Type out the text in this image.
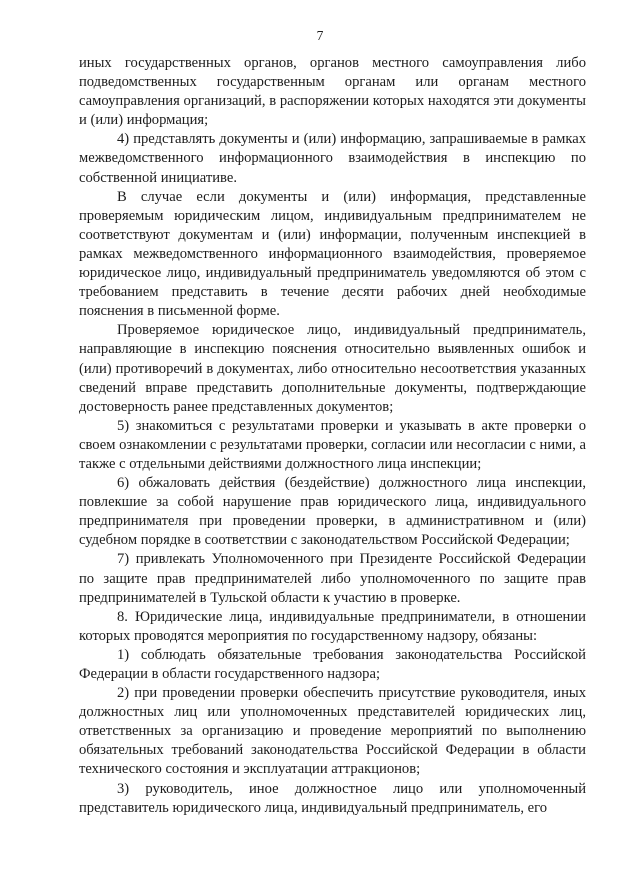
7

иных государственных органов, органов местного самоуправления либо подведомственных государственным органам или органам местного самоуправления организаций, в распоряжении которых находятся эти документы и (или) информация;

4) представлять документы и (или) информацию, запрашиваемые в рамках межведомственного информационного взаимодействия в инспекцию по собственной инициативе.

В случае если документы и (или) информация, представленные проверяемым юридическим лицом, индивидуальным предпринимателем не соответствуют документам и (или) информации, полученным инспекцией в рамках межведомственного информационного взаимодействия, проверяемое юридическое лицо, индивидуальный предприниматель уведомляются об этом с требованием представить в течение десяти рабочих дней необходимые пояснения в письменной форме.

Проверяемое юридическое лицо, индивидуальный предприниматель, направляющие в инспекцию пояснения относительно выявленных ошибок и (или) противоречий в документах, либо относительно несоответствия указанных сведений вправе представить дополнительные документы, подтверждающие достоверность ранее представленных документов;

5) знакомиться с результатами проверки и указывать в акте проверки о своем ознакомлении с результатами проверки, согласии или несогласии с ними, а также с отдельными действиями должностного лица инспекции;

6) обжаловать действия (бездействие) должностного лица инспекции, повлекшие за собой нарушение прав юридического лица, индивидуального предпринимателя при проведении проверки, в административном и (или) судебном порядке в соответствии с законодательством Российской Федерации;

7) привлекать Уполномоченного при Президенте Российской Федерации по защите прав предпринимателей либо уполномоченного по защите прав предпринимателей в Тульской области к участию в проверке.

8. Юридические лица, индивидуальные предприниматели, в отношении которых проводятся мероприятия по государственному надзору, обязаны:

1) соблюдать обязательные требования законодательства Российской Федерации в области государственного надзора;

2) при проведении проверки обеспечить присутствие руководителя, иных должностных лиц или уполномоченных представителей юридических лиц, ответственных за организацию и проведение мероприятий по выполнению обязательных требований законодательства Российской Федерации в области технического состояния и эксплуатации аттракционов;

3) руководитель, иное должностное лицо или уполномоченный представитель юридического лица, индивидуальный предприниматель, его
